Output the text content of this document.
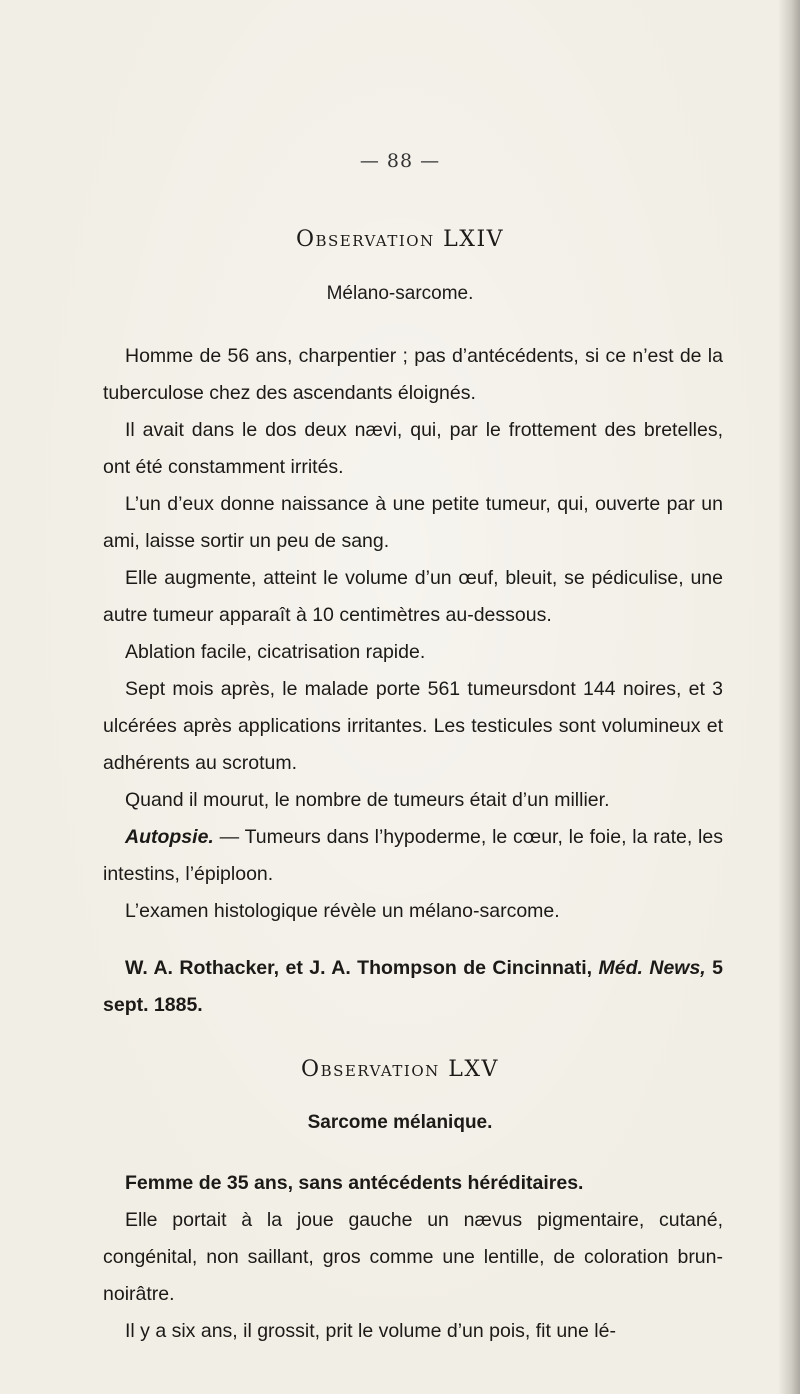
— 88 —
Observation LXIV
Mélano-sarcome.

Homme de 56 ans, charpentier ; pas d’antécédents, si ce n’est de la tuberculose chez des ascendants éloignés.

Il avait dans le dos deux nævi, qui, par le frottement des bretelles, ont été constamment irrités.

L’un d’eux donne naissance à une petite tumeur, qui, ouverte par un ami, laisse sortir un peu de sang.

Elle augmente, atteint le volume d’un œuf, bleuit, se pédiculise, une autre tumeur apparaît à 10 centimètres au-dessous.

Ablation facile, cicatrisation rapide.

Sept mois après, le malade porte 561 tumeursdont 144 noires, et 3 ulcérées après applications irritantes. Les testicules sont volumineux et adhérents au scrotum.

Quand il mourut, le nombre de tumeurs était d’un millier.

Autopsie. — Tumeurs dans l’hypoderme, le cœur, le foie, la rate, les intestins, l’épiploon.

L’examen histologique révèle un mélano-sarcome.

W. A. Rothacker, et J. A. Thompson de Cincinnati, Méd. News, 5 sept. 1885.

Observation LXV
Sarcome mélanique.

Femme de 35 ans, sans antécédents héréditaires.

Elle portait à la joue gauche un nævus pigmentaire, cutané, congénital, non saillant, gros comme une lentille, de coloration brun-noirâtre.

Il y a six ans, il grossit, prit le volume d’un pois, fit une lé-
